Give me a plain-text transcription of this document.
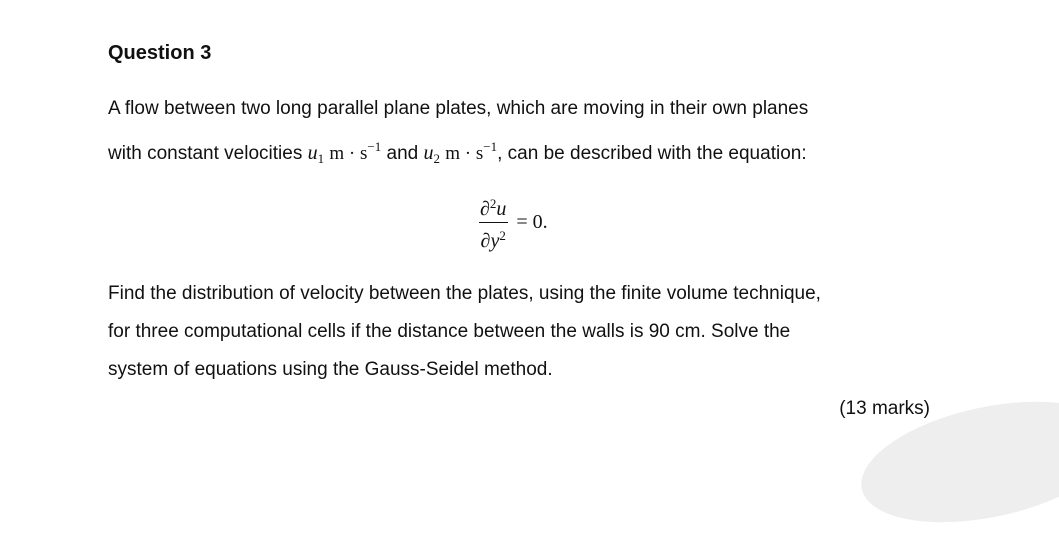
Question 3
A flow between two long parallel plane plates, which are moving in their own planes
with constant velocities $u_1$ $m \cdot s^{-1}$ and $u_2$ $m \cdot s^{-1}$, can be described with the equation:
$\frac{\partial^2u}{\partial y^2} = 0$.
Find the distribution of velocity between the plates, using the finite volume technique,
for three computational cells if the distance between the walls is 90 cm. Solve the
system of equations using the Gauss-Seidel method.
(13 marks)
